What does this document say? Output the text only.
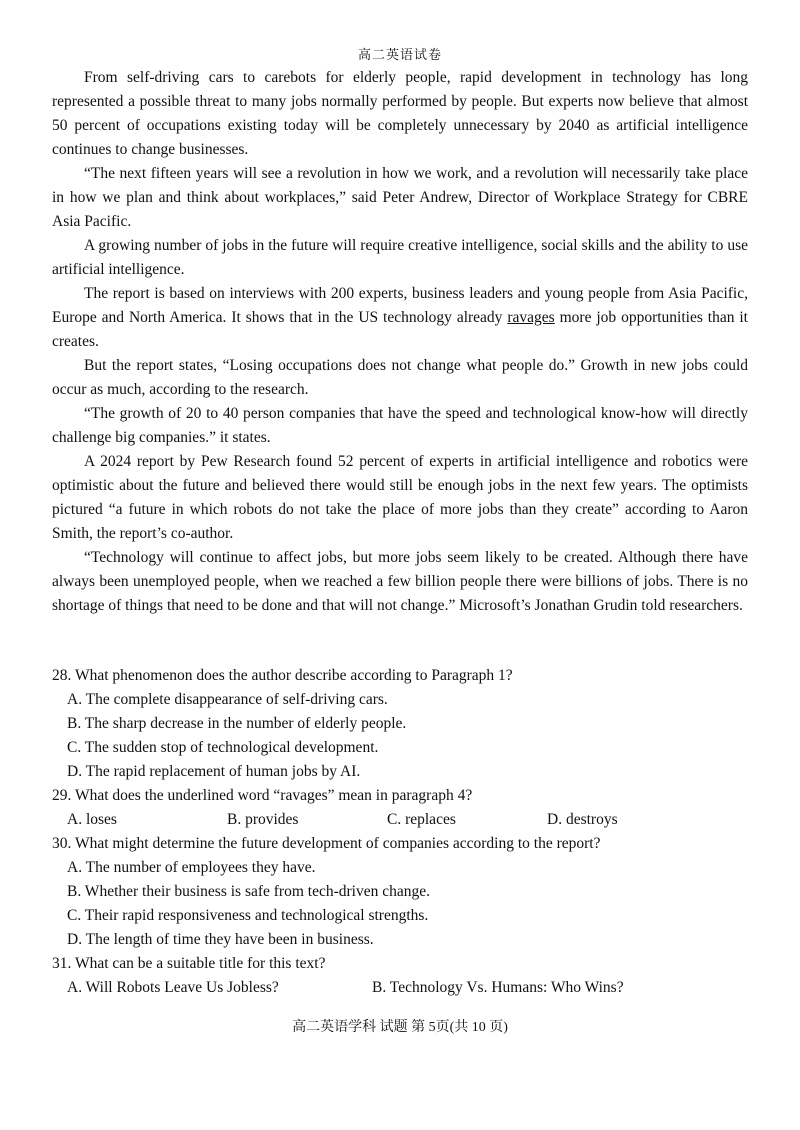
高二英语试卷

From self-driving cars to carebots for elderly people, rapid development in technology has long represented a possible threat to many jobs normally performed by people. But experts now believe that almost 50 percent of occupations existing today will be completely unnecessary by 2040 as artificial intelligence continues to change businesses.

“The next fifteen years will see a revolution in how we work, and a revolution will necessarily take place in how we plan and think about workplaces,” said Peter Andrew, Director of Workplace Strategy for CBRE Asia Pacific.

A growing number of jobs in the future will require creative intelligence, social skills and the ability to use artificial intelligence.

The report is based on interviews with 200 experts, business leaders and young people from Asia Pacific, Europe and North America. It shows that in the US technology already ravages more job opportunities than it creates.

But the report states, “Losing occupations does not change what people do.” Growth in new jobs could occur as much, according to the research.

“The growth of 20 to 40 person companies that have the speed and technological know-how will directly challenge big companies.” it states.

A 2024 report by Pew Research found 52 percent of experts in artificial intelligence and robotics were optimistic about the future and believed there would still be enough jobs in the next few years. The optimists pictured “a future in which robots do not take the place of more jobs than they create” according to Aaron Smith, the report’s co-author.

“Technology will continue to affect jobs, but more jobs seem likely to be created. Although there have always been unemployed people, when we reached a few billion people there were billions of jobs. There is no shortage of things that need to be done and that will not change.” Microsoft’s Jonathan Grudin told researchers.

28. What phenomenon does the author describe according to Paragraph 1?
A. The complete disappearance of self-driving cars.
B. The sharp decrease in the number of elderly people.
C. The sudden stop of technological development.
D. The rapid replacement of human jobs by AI.
29. What does the underlined word “ravages” mean in paragraph 4?
A. loses	B. provides	C. replaces	D. destroys
30. What might determine the future development of companies according to the report?
A. The number of employees they have.
B. Whether their business is safe from tech-driven change.
C. Their rapid responsiveness and technological strengths.
D. The length of time they have been in business.
31. What can be a suitable title for this text?
A. Will Robots Leave Us Jobless?	B. Technology Vs. Humans: Who Wins?
高二英语学科 试题 第 5页(共 10 页)
